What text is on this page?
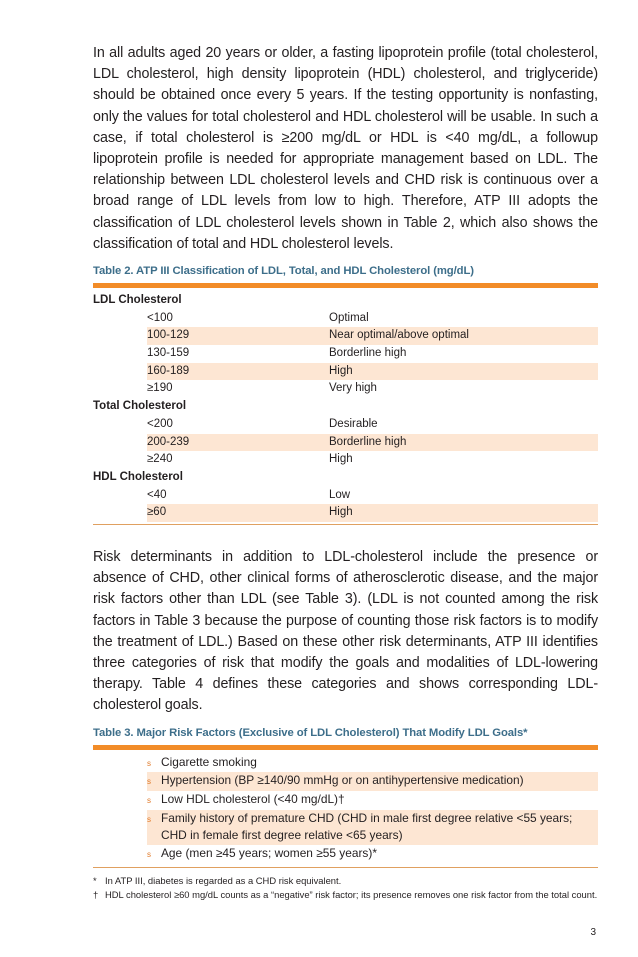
In all adults aged 20 years or older, a fasting lipoprotein profile (total cholesterol, LDL cholesterol, high density lipoprotein (HDL) cholesterol, and triglyceride) should be obtained once every 5 years. If the testing opportunity is nonfasting, only the values for total cholesterol and HDL cholesterol will be usable. In such a case, if total cholesterol is ≥200 mg/dL or HDL is <40 mg/dL, a followup lipoprotein profile is needed for appropriate management based on LDL. The relationship between LDL cholesterol levels and CHD risk is continuous over a broad range of LDL levels from low to high. Therefore, ATP III adopts the classification of LDL cholesterol levels shown in Table 2, which also shows the classification of total and HDL cholesterol levels.

Table 2. ATP III Classification of LDL, Total, and HDL Cholesterol (mg/dL)
LDL Cholesterol
<100	Optimal
100-129	Near optimal/above optimal
130-159	Borderline high
160-189	High
≥190	Very high
Total Cholesterol
<200	Desirable
200-239	Borderline high
≥240	High
HDL Cholesterol
<40	Low
≥60	High

Risk determinants in addition to LDL-cholesterol include the presence or absence of CHD, other clinical forms of atherosclerotic disease, and the major risk factors other than LDL (see Table 3). (LDL is not counted among the risk factors in Table 3 because the purpose of counting those risk factors is to modify the treatment of LDL.) Based on these other risk determinants, ATP III identifies three categories of risk that modify the goals and modalities of LDL-lowering therapy. Table 4 defines these categories and shows corresponding LDL-cholesterol goals.

Table 3. Major Risk Factors (Exclusive of LDL Cholesterol) That Modify LDL Goals*
s Cigarette smoking
s Hypertension (BP ≥140/90 mmHg or on antihypertensive medication)
s Low HDL cholesterol (<40 mg/dL)†
s Family history of premature CHD (CHD in male first degree relative <55 years; CHD in female first degree relative <65 years)
s Age (men ≥45 years; women ≥55 years)*
* In ATP III, diabetes is regarded as a CHD risk equivalent.
† HDL cholesterol ≥60 mg/dL counts as a “negative” risk factor; its presence removes one risk factor from the total count.
3
